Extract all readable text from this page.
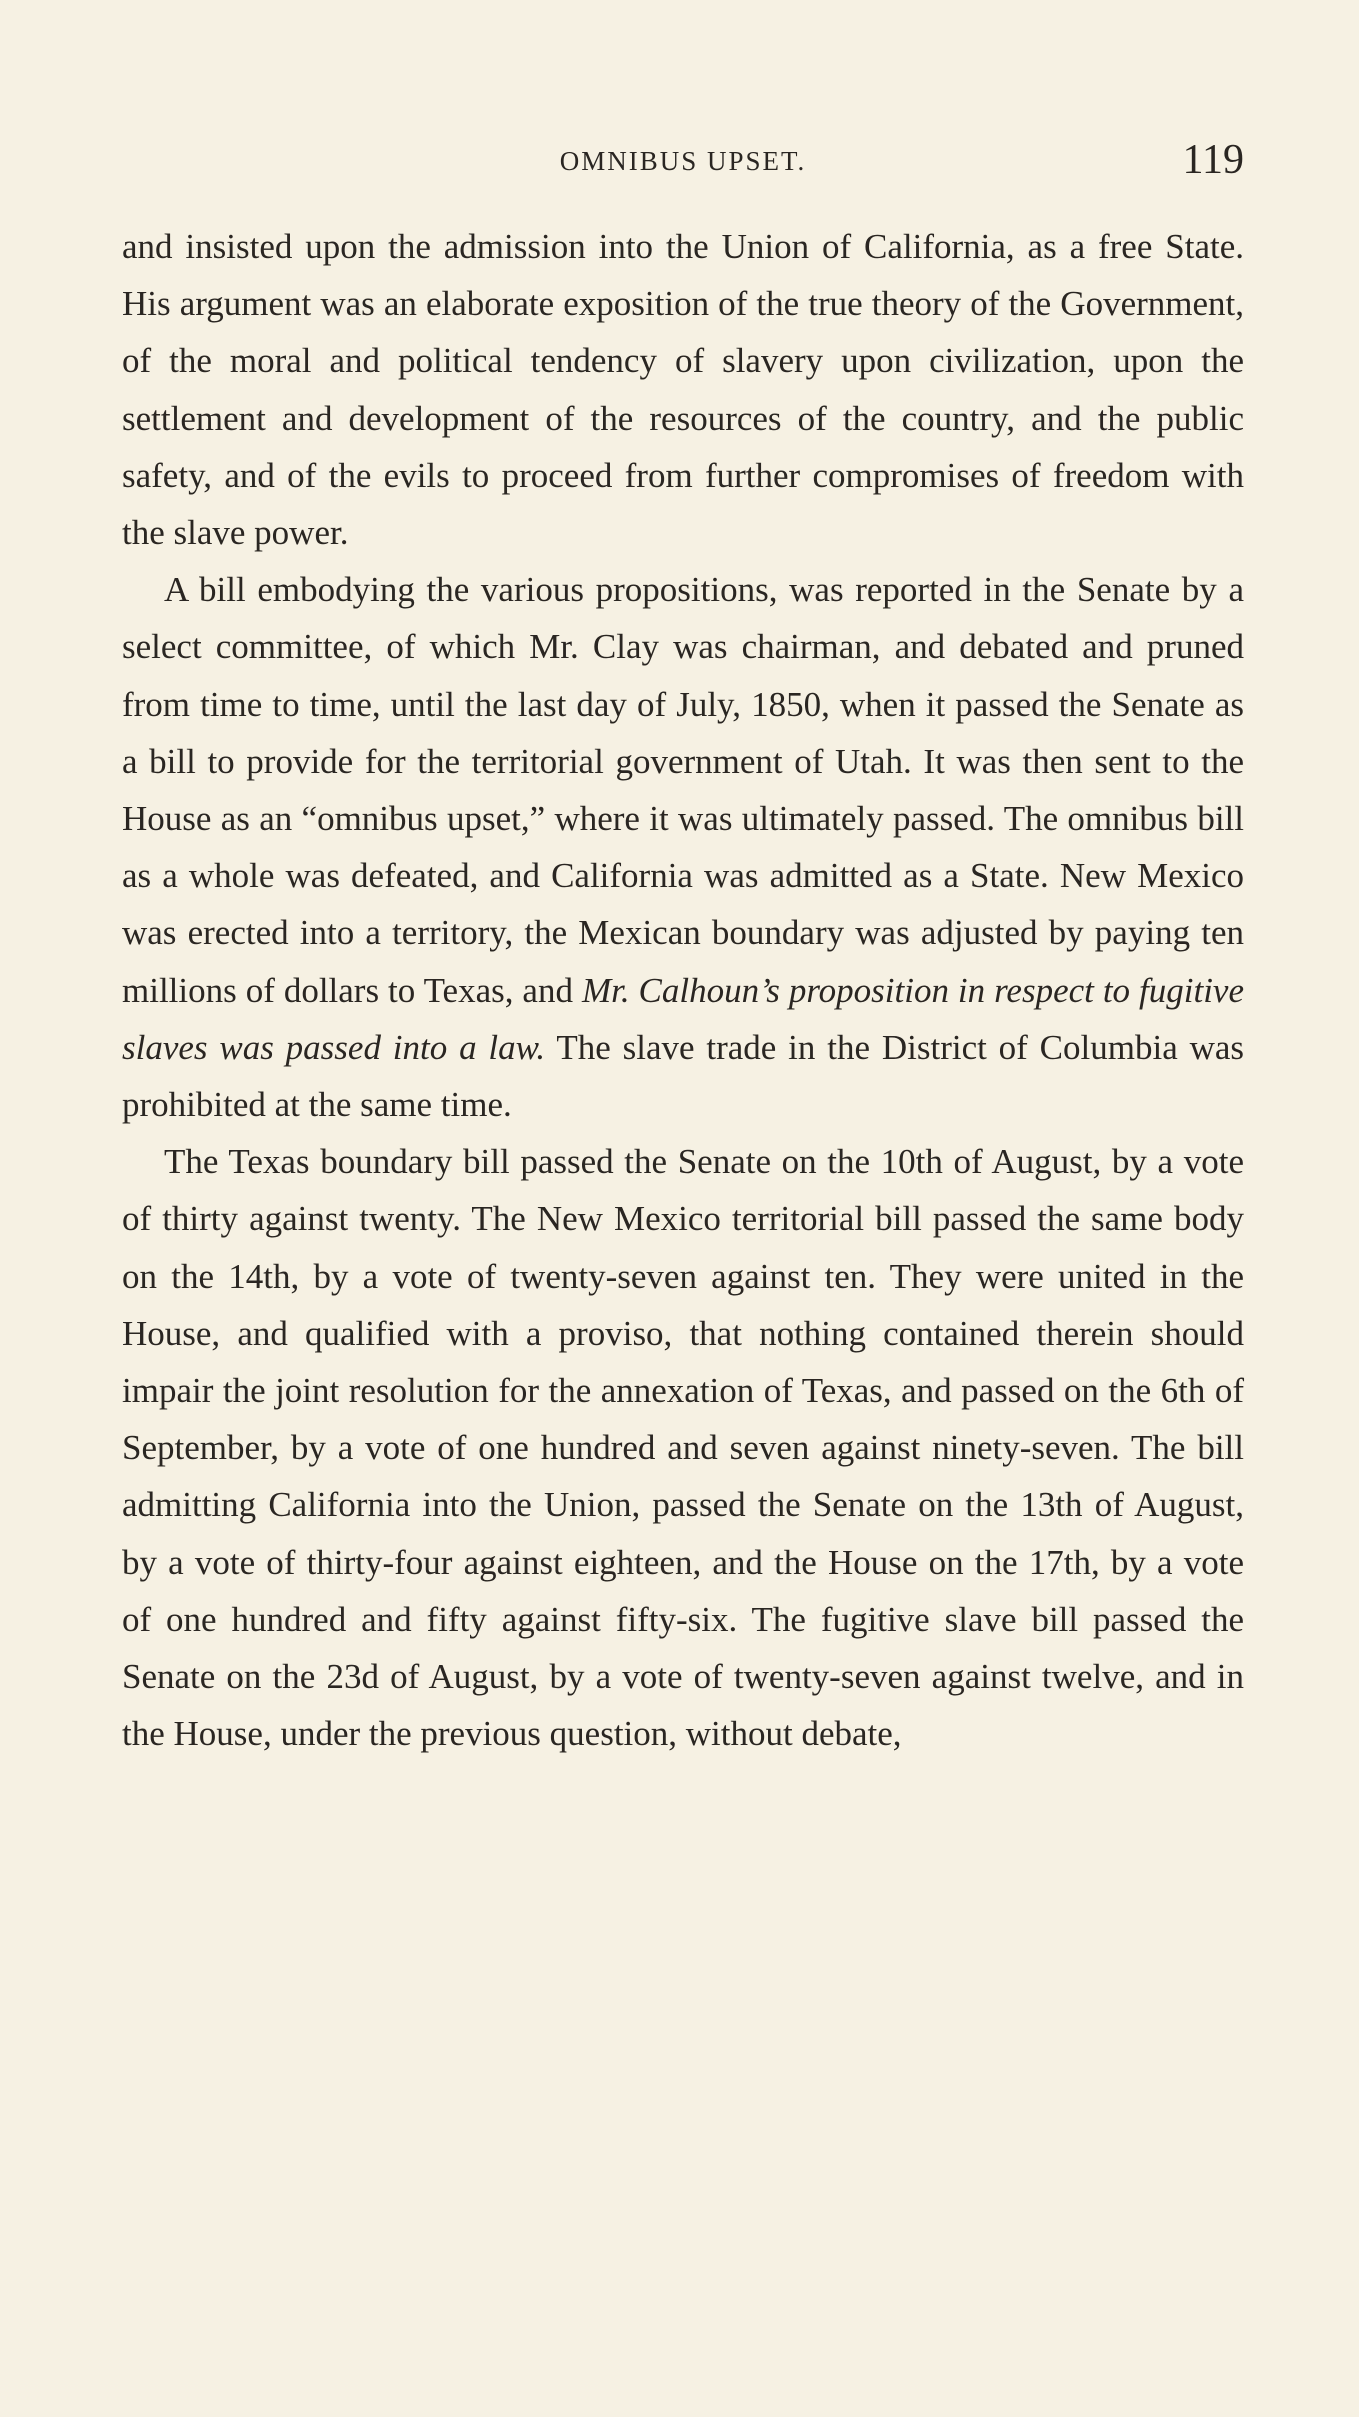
OMNIBUS UPSET.	119

and insisted upon the admission into the Union of California, as a free State. His argument was an elaborate exposition of the true theory of the Government, of the moral and political tendency of slavery upon civilization, upon the settlement and development of the resources of the country, and the public safety, and of the evils to proceed from further compromises of freedom with the slave power.

A bill embodying the various propositions, was reported in the Senate by a select committee, of which Mr. Clay was chairman, and debated and pruned from time to time, until the last day of July, 1850, when it passed the Senate as a bill to provide for the territorial government of Utah. It was then sent to the House as an “omnibus upset,” where it was ultimately passed. The omnibus bill as a whole was defeated, and California was admitted as a State. New Mexico was erected into a territory, the Mexican boundary was adjusted by paying ten millions of dollars to Texas, and Mr. Calhoun’s proposition in respect to fugitive slaves was passed into a law. The slave trade in the District of Columbia was prohibited at the same time.

The Texas boundary bill passed the Senate on the 10th of August, by a vote of thirty against twenty. The New Mexico territorial bill passed the same body on the 14th, by a vote of twenty-seven against ten. They were united in the House, and qualified with a proviso, that nothing contained therein should impair the joint resolution for the annexation of Texas, and passed on the 6th of September, by a vote of one hundred and seven against ninety-seven. The bill admitting California into the Union, passed the Senate on the 13th of August, by a vote of thirty-four against eighteen, and the House on the 17th, by a vote of one hundred and fifty against fifty-six. The fugitive slave bill passed the Senate on the 23d of August, by a vote of twenty-seven against twelve, and in the House, under the previous question, without debate,
